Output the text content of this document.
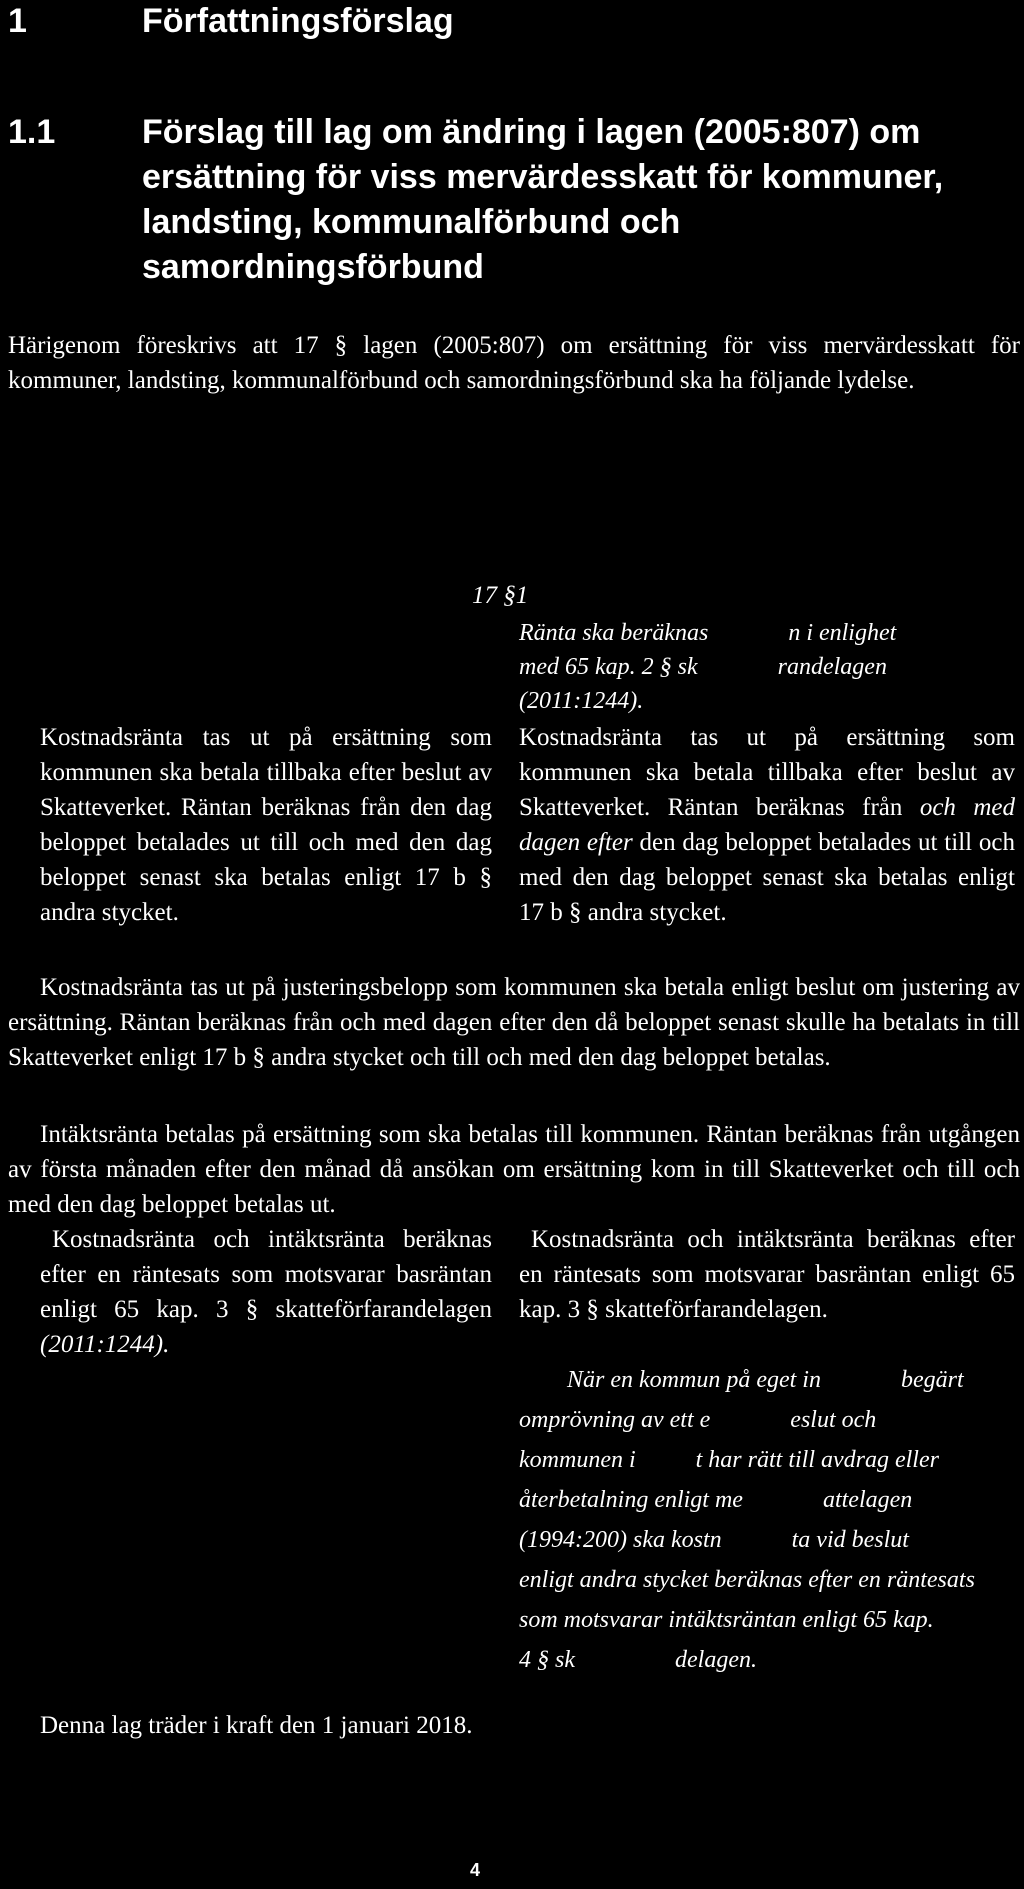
1	Författningsförslag
1.1	Förslag till lag om ändring i lagen (2005:807) om ersättning för viss mervärdesskatt för kommuner, landsting, kommunalförbund och samordningsförbund
Härigenom föreskrivs att 17 § lagen (2005:807) om ersättning för viss mervärdesskatt för kommuner, landsting, kommunalförbund och samordningsförbund ska ha följande lydelse.
17 §1
Ränta ska beräknas	n i enlighet
med 65 kap. 2 § sk	randelagen
(2011:1244).
Kostnadsränta tas ut på ersättning som kommunen ska betala tillbaka efter beslut av Skatteverket. Räntan beräknas från den dag beloppet betalades ut till och med den dag beloppet senast ska betalas enligt 17 b § andra stycket.
Kostnadsränta tas ut på ersättning som kommunen ska betala tillbaka efter beslut av Skatteverket. Räntan beräknas från och med dagen efter den dag beloppet betalades ut till och med den dag beloppet senast ska betalas enligt 17 b § andra stycket.
Kostnadsränta tas ut på justeringsbelopp som kommunen ska betala enligt beslut om justering av ersättning. Räntan beräknas från och med dagen efter den då beloppet senast skulle ha betalats in till Skatteverket enligt 17 b § andra stycket och till och med den dag beloppet betalas.
Intäktsränta betalas på ersättning som ska betalas till kommunen. Räntan beräknas från utgången av första månaden efter den månad då ansökan om ersättning kom in till Skatteverket och till och med den dag beloppet betalas ut.
Kostnadsränta och intäktsränta beräknas efter en räntesats som motsvarar basräntan enligt 65 kap. 3 § skatteförfarandelagen (2011:1244).
Kostnadsränta och intäktsränta beräknas efter en räntesats som motsvarar basräntan enligt 65 kap. 3 § skatteförfarandelagen.
När en kommun på eget in	begärt
omprövning av ett e	eslut och
kommunen i	t har rätt till avdrag eller
återbetalning enligt me	attelagen
(1994:200) ska kostn	ta vid beslut
enligt andra stycket beräknas efter en räntesats
som motsvarar intäktsräntan enligt 65 kap.
4 § sk	delagen.
Denna lag träder i kraft den 1 januari 2018.
4
